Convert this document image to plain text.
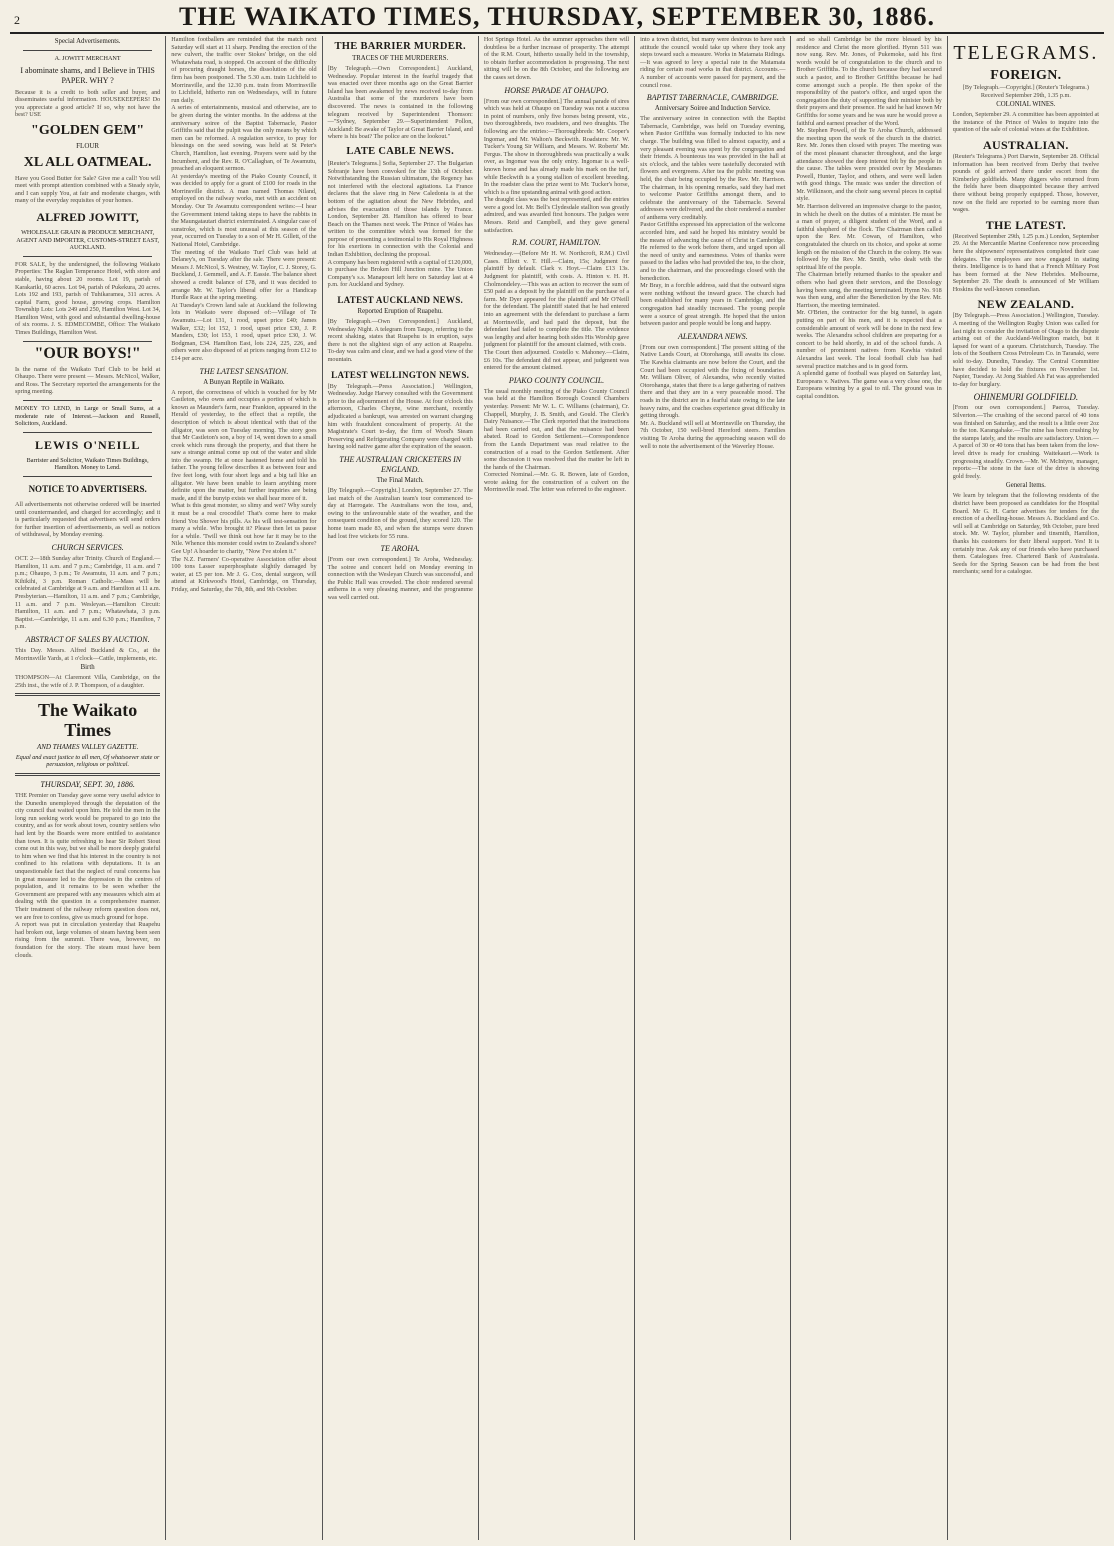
2	THE WAIKATO TIMES, THURSDAY, SEPTEMBER 30, 1886.
Special Advertisements.
A. JOWITT MERCHANT
I abominate shams, and I Believe in THIS PAPER. WHY ?
Because it is a credit to both seller and buyer, and disseminates useful information. HOUSEKEEPERS! Do you appreciate a good article? If so, why not have the best? USE
"GOLDEN GEM"
FLOUR
XL ALL OATMEAL.
Have you Good Butter for Sale? Give me a call! You will meet with prompt attention combined with a Steady style, and I can supply You, at fair and moderate charges, with many of the everyday requisites of your homes.
ALFRED JOWITT,
WHOLESALE GRAIN & PRODUCE MERCHANT, AGENT AND IMPORTER, CUSTOMS-STREET EAST, AUCKLAND.
FOR SALE, by the undersigned, the following Waikato Properties: The Raglan Temperance Hotel, with store and stable, having about 20 rooms. Lot 19, parish of Karakariki, 60 acres. Lot 94, parish of Pukekura, 20 acres. Lots 192 and 193, parish of Tuhikaramea, 311 acres. A capital Farm, good house, growing crops. Hamilton Township Lots: Lots 249 and 250, Hamilton West. Lot 34, Hamilton West, with good and substantial dwelling-house of six rooms. J. S. EDMECOMBE, Office: The Waikato Times Buildings, Hamilton West.
"OUR BOYS!"
Is the name of the Waikato Turf Club to be held at Ohaupo. There were present — Messrs. McNicol, Walker, and Ross. The Secretary reported the arrangements for the spring meeting.
MONEY TO LEND, in Large or Small Sums, at a moderate rate of Interest.—Jackson and Russell, Solicitors, Auckland.
LEWIS O'NEILL
Barrister and Solicitor, Waikato Times Buildings, Hamilton. Money to Lend.
NOTICE TO ADVERTISERS.
All advertisements not otherwise ordered will be inserted until countermanded, and charged for accordingly; and it is particularly requested that advertisers will send orders for further insertion of advertisements, as well as notices of withdrawal, by Monday evening.
CHURCH SERVICES.
OCT. 2—18th Sunday after Trinity. Church of England.—Hamilton, 11 a.m. and 7 p.m.; Cambridge, 11 a.m. and 7 p.m.; Ohaupo, 3 p.m.; Te Awamutu, 11 a.m. and 7 p.m.; Kihikihi, 3 p.m. Roman Catholic.—Mass will be celebrated at Cambridge at 9 a.m. and Hamilton at 11 a.m. Presbyterian.—Hamilton, 11 a.m. and 7 p.m.; Cambridge, 11 a.m. and 7 p.m. Wesleyan.—Hamilton Circuit: Hamilton, 11 a.m. and 7 p.m.; Whatawhata, 3 p.m. Baptist.—Cambridge, 11 a.m. and 6.30 p.m.; Hamilton, 7 p.m.
ABSTRACT OF SALES BY AUCTION.
This Day. Messrs. Alfred Buckland & Co., at the Morrinsville Yards, at 1 o'clock—Cattle, implements, etc.
Birth
THOMPSON—At Claremont Villa, Cambridge, on the 25th inst., the wife of J. P. Thompson, of a daughter.
The Waikato Times
AND THAMES VALLEY GAZETTE.
Equal and exact justice to all men, Of whatsoever state or persuasion, religious or political.
THURSDAY, SEPT. 30, 1886.
THE Premier on Tuesday gave some very useful advice to the Dunedin unemployed through the deputation of the city council that waited upon him. He told the men in the long run seeking work would be prepared to go into the country, and as for work about town, country settlers who had lent by the Boards were more entitled to assistance than town. It is quite refreshing to hear Sir Robert Stout come out in this way, but we shall be more deeply grateful to him when we find that his interest in the country is not confined to his relations with deputations. It is an unquestionable fact that the neglect of rural concerns has in great measure led to the depression in the centres of population, and it remains to be seen whether the Government are prepared with any measures which aim at dealing with the question in a comprehensive manner. Their treatment of the railway reform question does not, we are free to confess, give us much ground for hope.
A report was put in circulation yesterday that Ruapehu had broken out, large volumes of steam having been seen rising from the summit. There was, however, no foundation for the story. The steam must have been clouds.
Hamilton footballers are reminded that the match next Saturday will start at 11 sharp. Pending the erection of the new culvert, the traffic over Stokes' bridge, on the old Whatawhata road, is stopped. On account of the difficulty of procuring draught horses, the dissolution of the old firm has been postponed. The 5.30 a.m. train Lichfield to Morrinsville, and the 12.30 p.m. train from Morrinsville to Lichfield, hitherto run on Wednesdays, will in future run daily.
A series of entertainments, musical and otherwise, are to be given during the winter months. In the address at the anniversary soiree of the Baptist Tabernacle, Pastor Griffiths said that the pulpit was the only means by which men can be reformed. A regulation service, to pray for blessings on the seed sowing, was held at St Peter's Church, Hamilton, last evening. Prayers were said by the Incumbent, and the Rev. R. O'Callaghan, of Te Awamutu, preached an eloquent sermon.
At yesterday's meeting of the Piako County Council, it was decided to apply for a grant of £100 for roads in the Morrinsville district. A man named Thomas Niland, employed on the railway works, met with an accident on Monday. Our Te Awamutu correspondent writes:—I hear the Government intend taking steps to have the rabbits in the Maungatautari district exterminated. A singular case of sunstroke, which is most unusual at this season of the year, occurred on Tuesday to a son of Mr H. Gillett, of the National Hotel, Cambridge.
The meeting of the Waikato Turf Club was held at Delaney's, on Tuesday after the sale. There were present: Messrs J. McNicol, S. Westney, W. Taylor, C. J. Storey, G. Buckland, J. Gemmell, and A. F. Eassie. The balance sheet showed a credit balance of £78, and it was decided to arrange Mr. W. Taylor's liberal offer for a Handicap Hurdle Race at the spring meeting.
At Tuesday's Crown land sale at Auckland the following lots in Waikato were disposed of:—Village of Te Awamutu.—Lot 131, 1 rood, upset price £40; James Walker, £32; lot 152, 1 rood, upset price £30, J. P. Manders, £30; lot 153, 1 rood, upset price £30, J. W. Bodgman, £34. Hamilton East, lots 224, 225, 226, and others were also disposed of at prices ranging from £12 to £14 per acre.
THE LATEST SENSATION.
A Bunyan Reptile in Waikato.
A report, the correctness of which is vouched for by Mr Castleton, who owns and occupies a portion of which is known as Maunder's farm, near Frankton, appeared in the Herald of yesterday, to the effect that a reptile, the description of which is about identical with that of the alligator, was seen on Tuesday morning. The story goes that Mr Castleton's son, a boy of 14, went down to a small creek which runs through the property, and that there he saw a strange animal come up out of the water and slide into the swamp. He at once hastened home and told his father. The young fellow describes it as between four and five feet long, with four short legs and a big tail like an alligator. We have been unable to learn anything more definite upon the matter, but further inquiries are being made, and if the bunyip exists we shall hear more of it.
What is this great monster, so slimy and wet? Why surely it must be a real crocodile! That's come here to make friend You Shower his pills. As his will test-sensation for many a while. Who brought it? Please then let us pause for a while. 'Twill we think out how far it may be to the Nile. Whence this monster could swim to Zealand's shore? Gee Up! A hoarder to charity, "Now I've stolen it."
The N.Z. Farmers' Co-operative Association offer about 100 tons Lasser superphosphate slightly damaged by water, at £5 per ton. Mr J. G. Cox, dental surgeon, will attend at Kirkwood's Hotel, Cambridge, on Thursday, Friday, and Saturday, the 7th, 8th, and 9th October.
THE BARRIER MURDER.
TRACES OF THE MURDERERS.
[By Telegraph.—Own Correspondent.] Auckland, Wednesday. Popular interest in the fearful tragedy that was enacted over three months ago on the Great Barrier Island has been awakened by news received to-day from Australia that some of the murderers have been discovered. The news is contained in the following telegram received by Superintendent Thomson:—"Sydney, September 29.—Superintendent Pollon, Auckland: Be awake of Taylor at Great Barrier Island, and where is his boat? The police are on the lookout."
LATE CABLE NEWS.
[Reuter's Telegrams.] Sofia, September 27. The Bulgarian Sobranje have been convoked for the 13th of October. Notwithstanding the Russian ultimatum, the Regency has not interfered with the electoral agitations. La France declares that the slave ring in New Caledonia is at the bottom of the agitation about the New Hebrides, and advises the evacuation of those islands by France. London, September 28. Hamilton has offered to bear Beach on the Thames next week. The Prince of Wales has written to the committee which was formed for the purpose of presenting a testimonial to His Royal Highness for his exertions in connection with the Colonial and Indian Exhibition, declining the proposal.
A company has been registered with a capital of £120,000, to purchase the Broken Hill Junction mine. The Union Company's s.s. Manapouri left here on Saturday last at 4 p.m. for Auckland and Sydney.
LATEST AUCKLAND NEWS.
Reported Eruption of Ruapehu.
[By Telegraph.—Own Correspondent.] Auckland, Wednesday Night. A telegram from Taupo, referring to the recent shaking, states that Ruapehu is in eruption, says there is not the slightest sign of any action at Ruapehu. To-day was calm and clear, and we had a good view of the mountain.
LATEST WELLINGTON NEWS.
[By Telegraph.—Press Association.] Wellington, Wednesday. Judge Harvey consulted with the Government prior to the adjournment of the House. At four o'clock this afternoon, Charles Cheyne, wine merchant, recently adjudicated a bankrupt, was arrested on warrant charging him with fraudulent concealment of property. At the Magistrate's Court to-day, the firm of Wood's Steam Preserving and Refrigerating Company were charged with having sold native game after the expiration of the season.
THE AUSTRALIAN CRICKETERS IN ENGLAND.
The Final Match.
[By Telegraph.—Copyright.] London, September 27. The last match of the Australian team's tour commenced to-day at Harrogate. The Australians won the toss, and, owing to the unfavourable state of the weather, and the consequent condition of the ground, they scored 120. The home team made 83, and when the stumps were drawn had lost five wickets for 55 runs.
TE AROHA.
[From our own correspondent.] Te Aroha, Wednesday. The soiree and concert held on Monday evening in connection with the Wesleyan Church was successful, and the Public Hall was crowded. The choir rendered several anthems in a very pleasing manner, and the programme was well carried out.
Hot Springs Hotel. As the summer approaches there will doubtless be a further increase of prosperity. The attempt of the R.M. Court, hitherto usually held in the township, to obtain further accommodation is progressing. The next sitting will be on the 8th October, and the following are the cases set down.
HORSE PARADE AT OHAUPO.
[From our own correspondent.] The annual parade of sires which was held at Ohaupo on Tuesday was not a success in point of numbers, only five horses being present, viz., two thoroughbreds, two roadsters, and two draughts. The following are the entries:—Thoroughbreds: Mr. Cooper's Ingomar, and Mr. Walton's Beckwith. Roadsters: Mr. W. Tucker's Young Sir William, and Messrs. W. Roberts' Mr. Fergus. The show in thoroughbreds was practically a walk over, as Ingomar was the only entry. Ingomar is a well-known horse and has already made his mark on the turf, while Beckwith is a young stallion of excellent breeding. In the roadster class the prize went to Mr. Tucker's horse, which is a fine upstanding animal with good action.
The draught class was the best represented, and the entries were a good lot. Mr. Bell's Clydesdale stallion was greatly admired, and was awarded first honours. The judges were Messrs. Reid and Campbell, and they gave general satisfaction.
R.M. COURT, HAMILTON.
Wednesday.—(Before Mr H. W. Northcroft, R.M.) Civil Cases. Elliott v. T. Hill.—Claim, 15s; Judgment for plaintiff by default. Clark v. Hoyt.—Claim £13 13s. Judgment for plaintiff, with costs. A. Hinton v. H. H. Cholmondeley.—This was an action to recover the sum of £50 paid as a deposit by the plaintiff on the purchase of a farm. Mr Dyer appeared for the plaintiff and Mr O'Neill for the defendant. The plaintiff stated that he had entered into an agreement with the defendant to purchase a farm at Morrinsville, and had paid the deposit, but the defendant had failed to complete the title. The evidence was lengthy and after hearing both sides His Worship gave judgment for plaintiff for the amount claimed, with costs.
The Court then adjourned. Costello v. Mahoney.—Claim, £6 10s. The defendant did not appear, and judgment was entered for the amount claimed.
PIAKO COUNTY COUNCIL.
The usual monthly meeting of the Piako County Council was held at the Hamilton Borough Council Chambers yesterday. Present: Mr W. L. C. Williams (chairman), Cr. Chappell, Murphy, J. B. Smith, and Gould. The Clerk's Dairy Nuisance.—The Clerk reported that the instructions had been carried out, and that the nuisance had been abated. Road to Gordon Settlement.—Correspondence from the Lands Department was read relative to the construction of a road to the Gordon Settlement. After some discussion it was resolved that the matter be left in the hands of the Chairman.
Corrected Nominal.—Mr. G. R. Bowen, late of Gordon, wrote asking for the construction of a culvert on the Morrinsville road. The letter was referred to the engineer.
into a town district, but many were desirous to have such attitude the council would take up where they took any steps toward such a measure. Works in Matamata Ridings.—It was agreed to levy a special rate in the Matamata riding for certain road works in that district. Accounts.—A number of accounts were passed for payment, and the council rose.
BAPTIST TABERNACLE, CAMBRIDGE.
Anniversary Soiree and Induction Service.
The anniversary soiree in connection with the Baptist Tabernacle, Cambridge, was held on Tuesday evening, when Pastor Griffiths was formally inducted to his new charge. The building was filled to almost capacity, and a very pleasant evening was spent by the congregation and their friends. A bounteous tea was provided in the hall at six o'clock, and the tables were tastefully decorated with flowers and evergreens. After tea the public meeting was held, the chair being occupied by the Rev. Mr. Harrison. The chairman, in his opening remarks, said they had met to welcome Pastor Griffiths amongst them, and to celebrate the anniversary of the Tabernacle. Several addresses were delivered, and the choir rendered a number of anthems very creditably.
Pastor Griffiths expressed his appreciation of the welcome accorded him, and said he hoped his ministry would be the means of advancing the cause of Christ in Cambridge. He referred to the work before them, and urged upon all the need of unity and earnestness. Votes of thanks were passed to the ladies who had provided the tea, to the choir, and to the chairman, and the proceedings closed with the benediction.
Mr Bray, in a forcible address, said that the outward signs were nothing without the inward grace. The church had been established for many years in Cambridge, and the congregation had steadily increased. The young people were a source of great strength. He hoped that the union between pastor and people would be long and happy.
ALEXANDRA NEWS.
[From our own correspondent.] The present sitting of the Native Lands Court, at Otorohanga, still awaits its close. The Kawhia claimants are now before the Court, and the Court had been occupied with the fixing of boundaries. Mr. William Oliver, of Alexandra, who recently visited Otorohanga, states that there is a large gathering of natives there and that they are in a very peaceable mood. The roads in the district are in a fearful state owing to the late heavy rains, and the coaches experience great difficulty in getting through.
Mr. A. Buckland will sell at Morrinsville on Thursday, the 7th October, 150 well-bred Hereford steers. Families visiting Te Aroha during the approaching season will do well to note the advertisement of the Waverley House.
and so shall Cambridge be the more blessed by his residence and Christ the more glorified. Hymn 511 was now sung. Rev. Mr. Jones, of Pukemoke, said his first words would be of congratulation to the church and to Brother Griffiths. To the church because they had secured such a pastor, and to Brother Griffiths because he had come amongst such a people. He then spoke of the responsibility of the pastor's office, and urged upon the congregation the duty of supporting their minister both by their prayers and their presence. He said he had known Mr Griffiths for some years and he was sure he would prove a faithful and earnest preacher of the Word.
Mr. Stephen Powell, of the Te Aroha Church, addressed the meeting upon the work of the church in the district. Rev. Mr. Jones then closed with prayer. The meeting was of the most pleasant character throughout, and the large attendance showed the deep interest felt by the people in the cause. The tables were presided over by Mesdames Powell, Hunter, Taylor, and others, and were well laden with good things. The music was under the direction of Mr. Wilkinson, and the choir sang several pieces in capital style.
Mr. Harrison delivered an impressive charge to the pastor, in which he dwelt on the duties of a minister. He must be a man of prayer, a diligent student of the Word, and a faithful shepherd of the flock. The Chairman then called upon the Rev. Mr. Cowan, of Hamilton, who congratulated the church on its choice, and spoke at some length on the mission of the Church in the colony. He was followed by the Rev. Mr. Smith, who dealt with the spiritual life of the people.
The Chairman briefly returned thanks to the speaker and others who had given their services, and the Doxology having been sung, the meeting terminated. Hymn No. 918 was then sung, and after the Benediction by the Rev. Mr. Harrison, the meeting terminated.
Mr. O'Brien, the contractor for the big tunnel, is again putting on part of his men, and it is expected that a considerable amount of work will be done in the next few weeks. The Alexandra school children are preparing for a concert to be held shortly, in aid of the school funds. A number of prominent natives from Kawhia visited Alexandra last week. The local football club has had several practice matches and is in good form.
A splendid game of football was played on Saturday last, Europeans v. Natives. The game was a very close one, the Europeans winning by a goal to nil. The ground was in capital condition.
TELEGRAMS.
FOREIGN.
[By Telegraph.—Copyright.] (Reuter's Telegrams.) Received September 29th, 1.35 p.m.
COLONIAL WINES.
London, September 29. A committee has been appointed at the instance of the Prince of Wales to inquire into the question of the sale of colonial wines at the Exhibition.
AUSTRALIAN.
(Reuter's Telegrams.) Port Darwin, September 28. Official information has been received from Derby that twelve pounds of gold arrived there under escort from the Kimberley goldfields. Many diggers who returned from the fields have been disappointed because they arrived there without being properly equipped. Those, however, now on the field are reported to be earning more than wages.
THE LATEST.
(Received September 29th, 1.25 p.m.) London, September 29. At the Mercantile Marine Conference now proceeding here the shipowners' representatives completed their case delegates. The employees are now engaged in stating theirs. Intelligence is to hand that a French Military Post has been formed at the New Hebrides. Melbourne, September 29. The death is announced of Mr William Hoskins the well-known comedian.
NEW ZEALAND.
[By Telegraph.—Press Association.] Wellington, Tuesday. A meeting of the Wellington Rugby Union was called for last night to consider the invitation of Otago to the dispute arising out of the Auckland-Wellington match, but it lapsed for want of a quorum. Christchurch, Tuesday. The lots of the Southern Cross Petroleum Co. in Taranaki, were sold to-day. Dunedin, Tuesday. The Central Committee have decided to hold the fixtures on November 1st. Napier, Tuesday. At Jong Stabled Ah Fat was apprehended to-day for burglary.
OHINEMURI GOLDFIELD.
[From our own correspondent.] Paeroa, Tuesday. Silverton.—The crushing of the second parcel of 40 tons was finished on Saturday, and the result is a little over 2oz to the ton. Karangahake.—The mine has been crushing by the stamps lately, and the results are satisfactory. Union.—A parcel of 30 or 40 tons that has been taken from the low-level drive is ready for crushing. Waitekauri.—Work is progressing steadily. Crown.—Mr. W. McIntyre, manager, reports:—The stone in the face of the drive is showing gold freely.
General Items.
We learn by telegram that the following residents of the district have been proposed as candidates for the Hospital Board. Mr G. H. Carter advertises for tenders for the erection of a dwelling-house. Messrs A. Buckland and Co. will sell at Cambridge on Saturday, 9th October, pure bred stock. Mr. W. Taylor, plumber and tinsmith, Hamilton, thanks his customers for their liberal support. Yes! It is certainly true. Ask any of our friends who have purchased them. Catalogues free. Chartered Bank of Australasia. Seeds for the Spring Season can be had from the best merchants; send for a catalogue.
